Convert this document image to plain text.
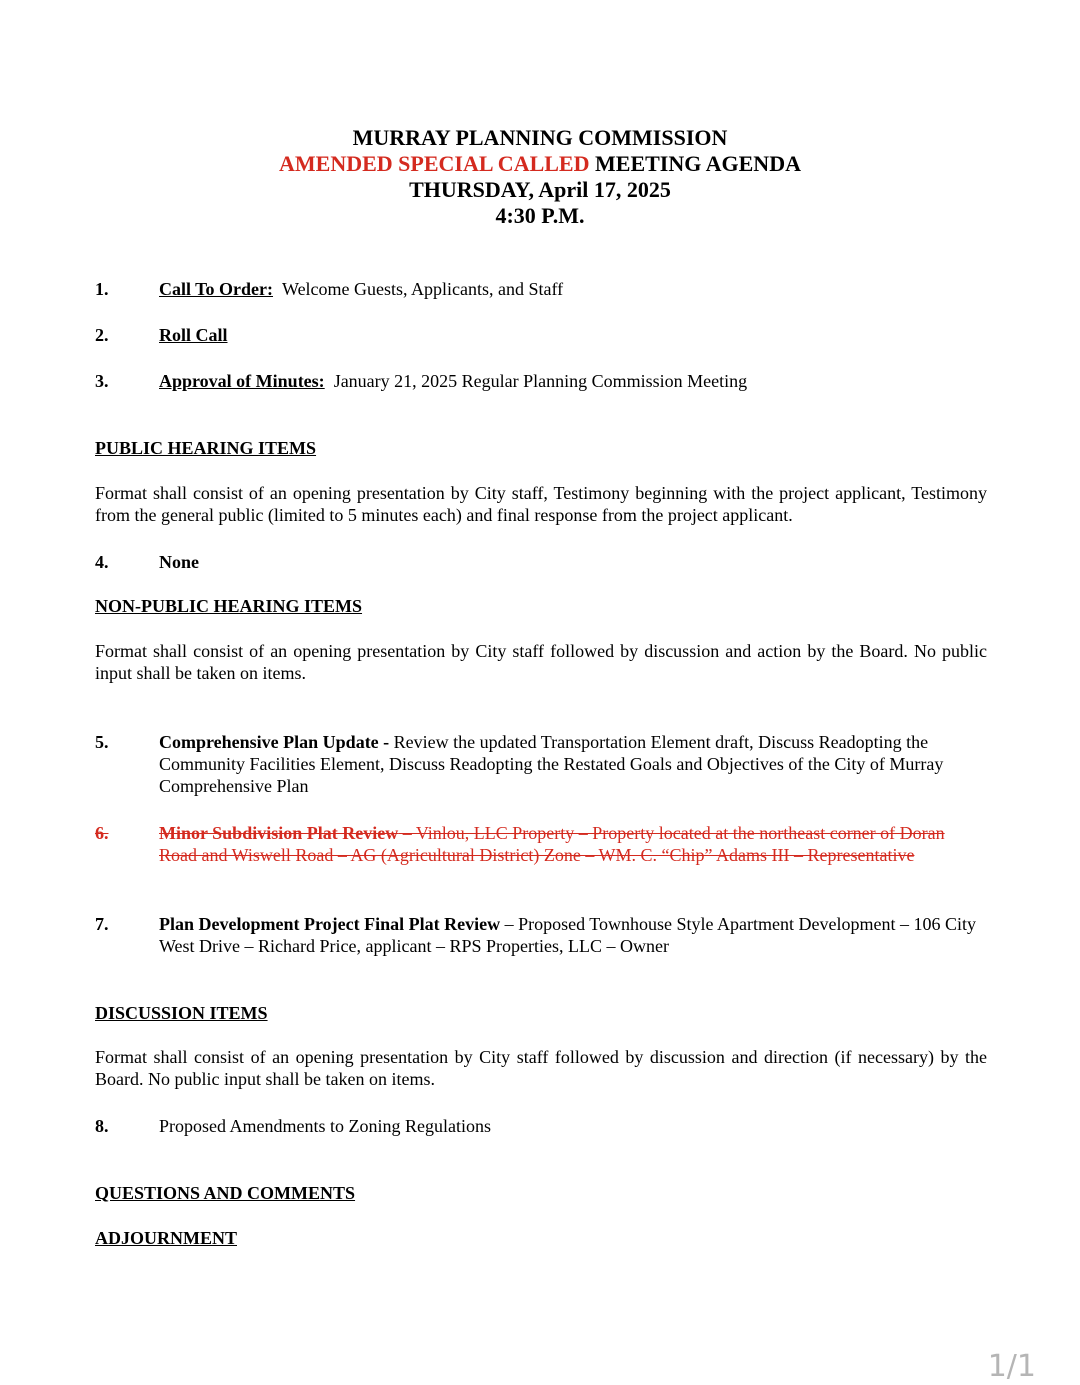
MURRAY PLANNING COMMISSION
AMENDED SPECIAL CALLED MEETING AGENDA
THURSDAY, April 17, 2025
4:30 P.M.
1.	Call To Order: Welcome Guests, Applicants, and Staff
2.	Roll Call
3.	Approval of Minutes: January 21, 2025 Regular Planning Commission Meeting
PUBLIC HEARING ITEMS
Format shall consist of an opening presentation by City staff, Testimony beginning with the project applicant, Testimony from the general public (limited to 5 minutes each) and final response from the project applicant.
4.	None
NON-PUBLIC HEARING ITEMS
Format shall consist of an opening presentation by City staff followed by discussion and action by the Board. No public input shall be taken on items.
5.	Comprehensive Plan Update - Review the updated Transportation Element draft, Discuss Readopting the Community Facilities Element, Discuss Readopting the Restated Goals and Objectives of the City of Murray Comprehensive Plan
6.	Minor Subdivision Plat Review – Vinlou, LLC Property – Property located at the northeast corner of Doran Road and Wiswell Road – AG (Agricultural District) Zone – WM. C. “Chip” Adams III – Representative
7.	Plan Development Project Final Plat Review – Proposed Townhouse Style Apartment Development – 106 City West Drive – Richard Price, applicant – RPS Properties, LLC – Owner
DISCUSSION ITEMS
Format shall consist of an opening presentation by City staff followed by discussion and direction (if necessary) by the Board. No public input shall be taken on items.
8.	Proposed Amendments to Zoning Regulations
QUESTIONS AND COMMENTS
ADJOURNMENT
1/1
